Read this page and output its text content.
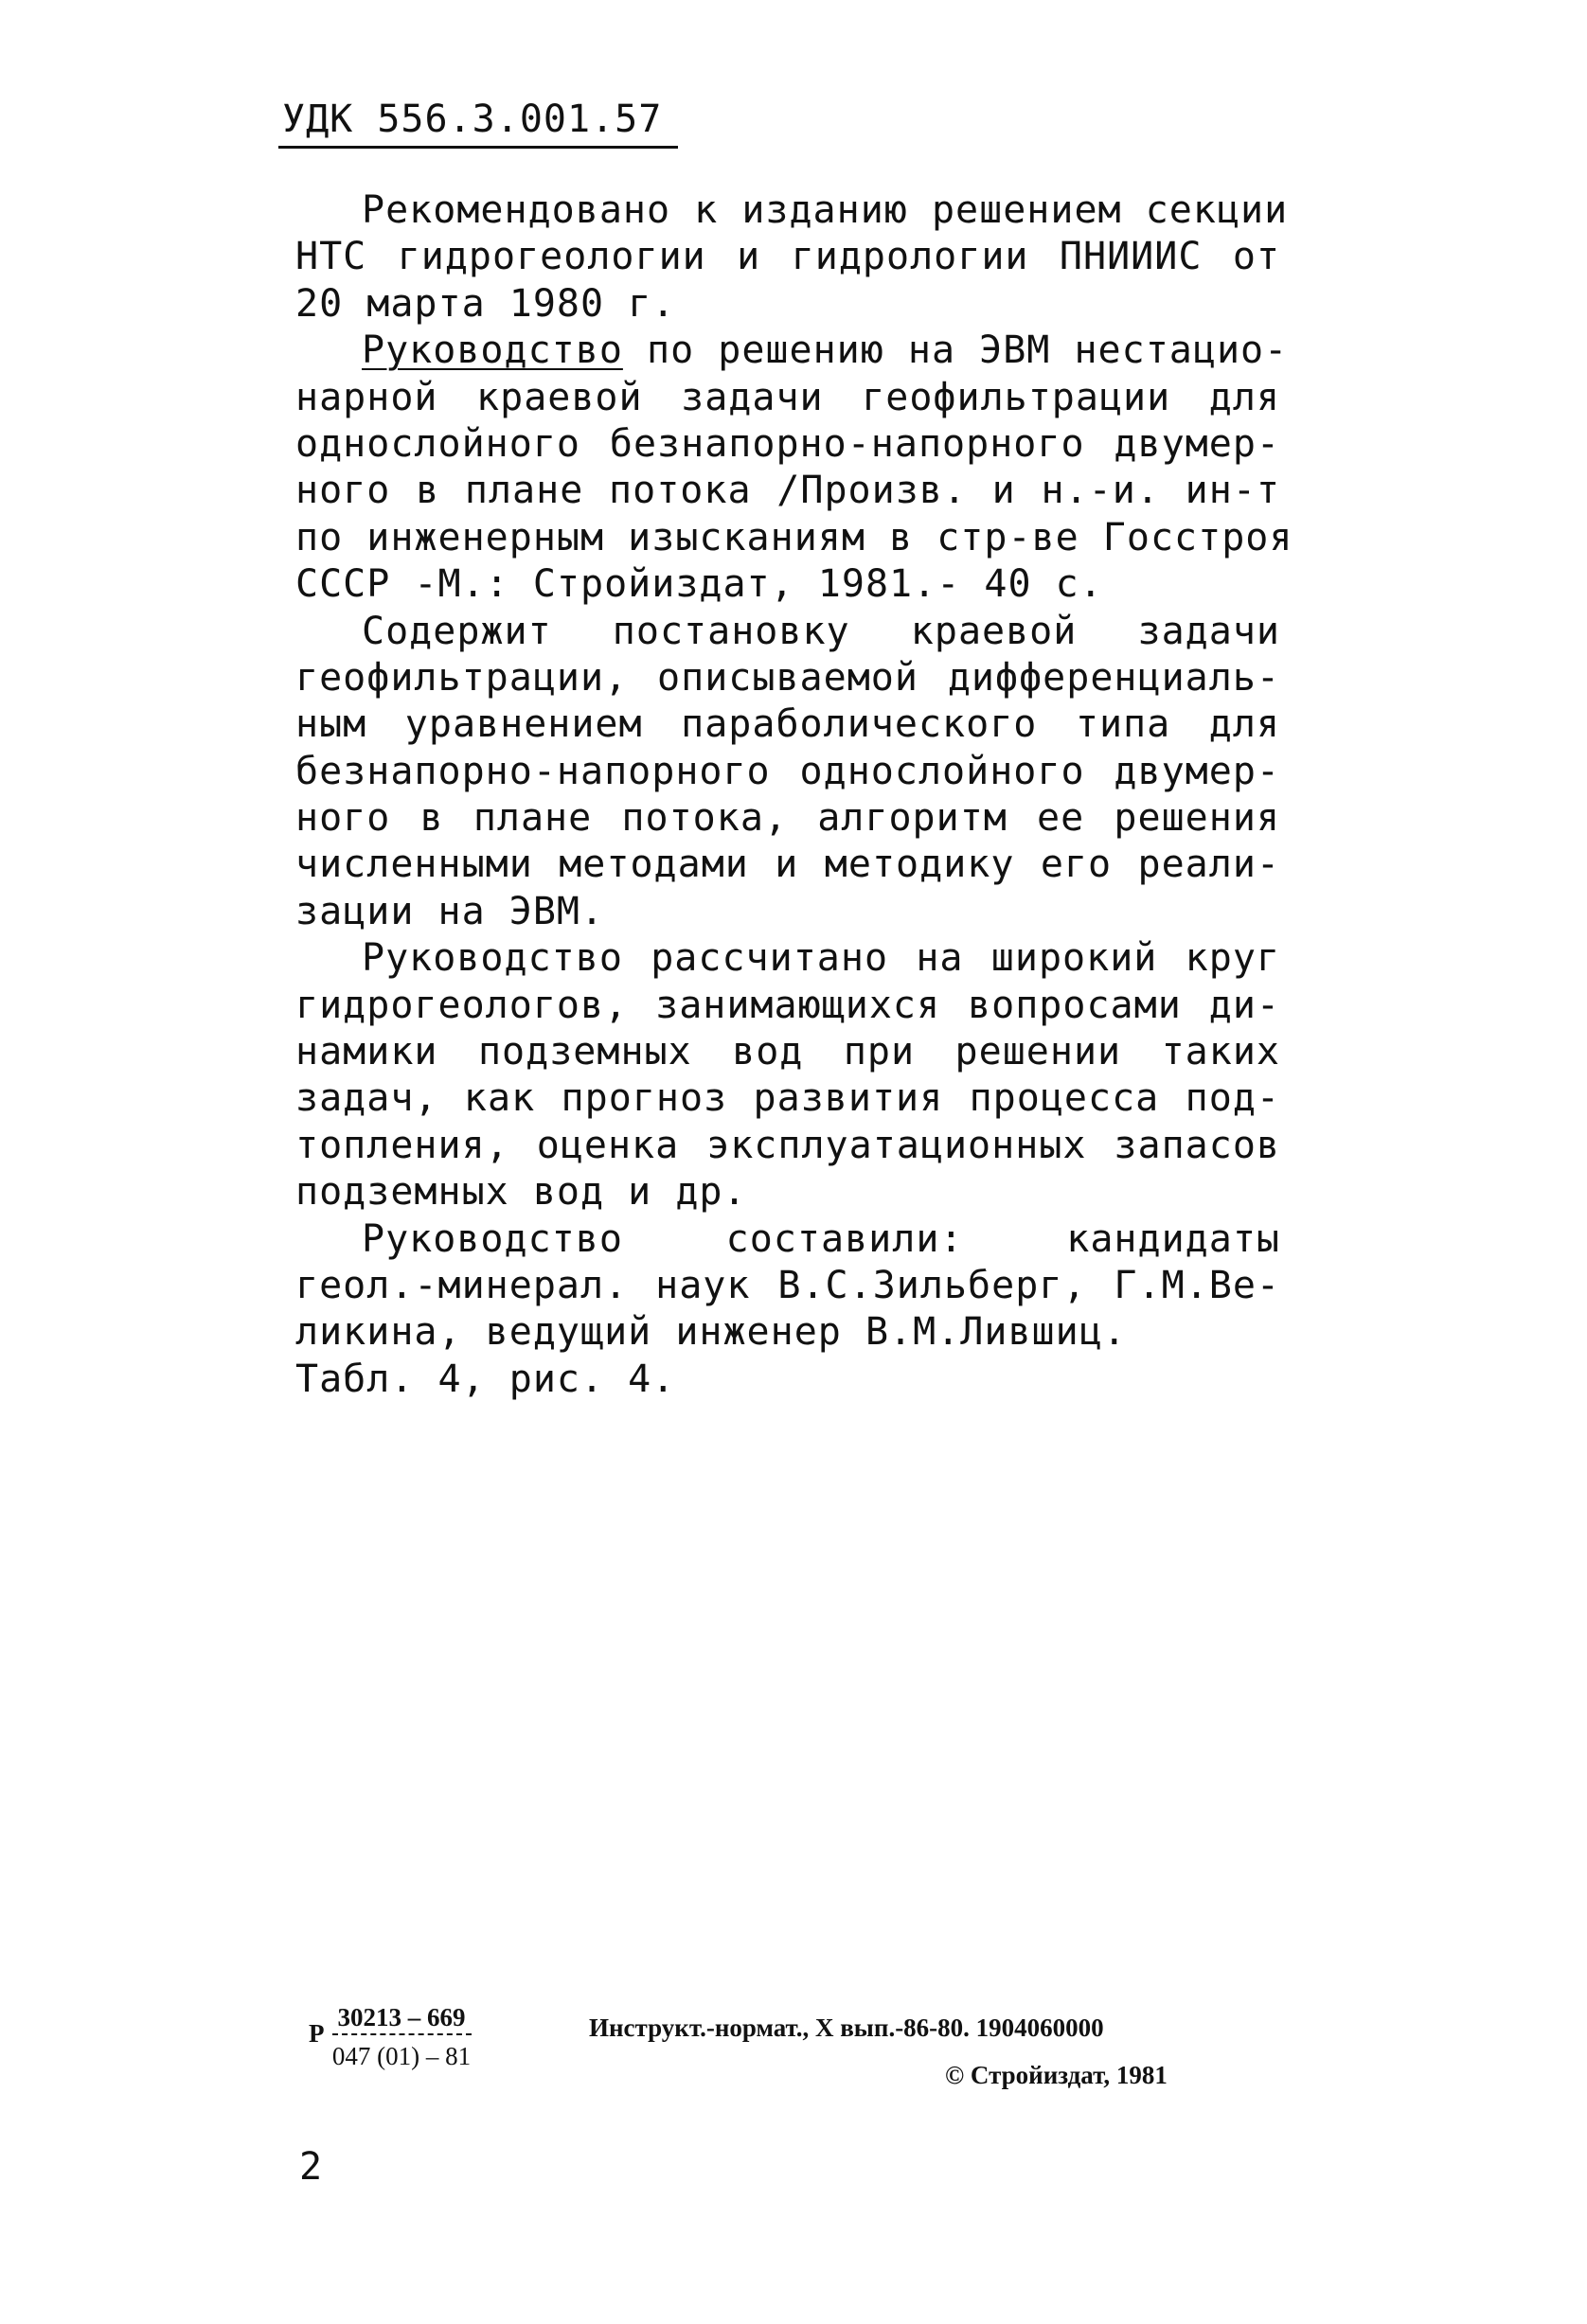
УДК 556.3.001.57
Рекомендовано к изданию решением секции
НТС гидрогеологии и гидрологии ПНИИИС от
20 марта 1980 г.
Руководство по решению на ЭВМ нестацио-
нарной краевой задачи геофильтрации для
однослойного безнапорно-напорного двумер-
ного в плане потока /Произв. и н.-и. ин-т
по инженерным изысканиям в стр-ве Госстроя
СССР -М.: Стройиздат, 1981.- 40 с.
Содержит постановку краевой задачи
геофильтрации, описываемой дифференциаль-
ным уравнением параболического типа для
безнапорно-напорного однослойного двумер-
ного в плане потока, алгоритм ее решения
численными методами и методику его реали-
зации на ЭВМ.
Руководство рассчитано на широкий круг
гидрогеологов, занимающихся вопросами ди-
намики подземных вод при решении таких
задач, как прогноз развития процесса под-
топления, оценка эксплуатационных запасов
подземных вод и др.
Руководство составили: кандидаты
геол.-минерал. наук В.С.Зильберг, Г.М.Ве-
ликина, ведущий инженер В.М.Лившиц.
Табл. 4, рис. 4.
Р $\frac{30213 - 669}{047 (01) - 81}$	Инструкт.-нормат., Х вып.-86-80. 1904060000
© Стройиздат, 1981
2
